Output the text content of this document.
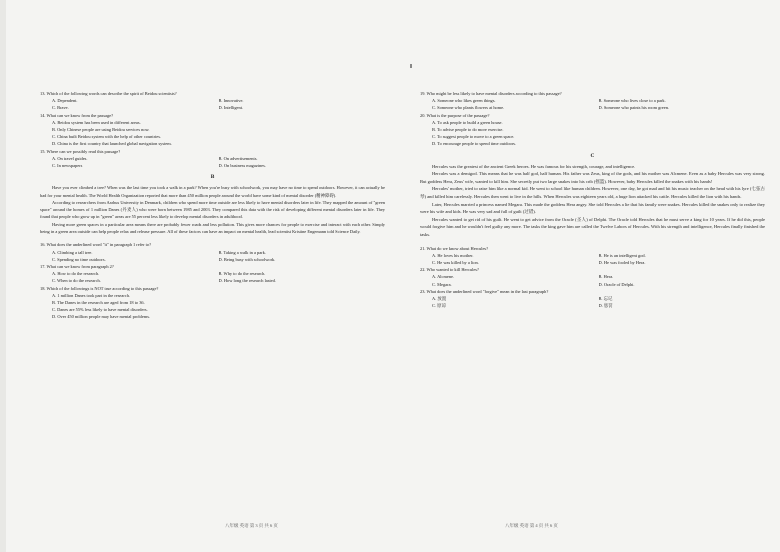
13. Which of the following words can describe the spirit of Beidou scientists?
A. Dependent.	B. Innovative.
C. Brave.	D. Intelligent.
14. What can we know from the passage?
A. Beidou system has been used in different areas.
B. Only Chinese people are using Beidou services now.
C. China built Beidou system with the help of other countries.
D. China is the first country that launched global navigation system.
15. Where can we possibly read this passage?
A. On travel guides.	B. On advertisements.
C. In newspapers	D. On business magazines.
B

Have you ever climbed a tree? When was the last time you took a walk in a park? When you're busy with schoolwork, you may have no time to spend outdoors. However, it can actually be bad for your mental health. The World Health Organization reported that more than 450 million people around the world have some kind of mental disorder (精神障碍).

According to researchers from Aarhus University in Denmark, children who spend more time outside are less likely to have mental disorders later in life. They mapped the amount of "green space" around the homes of 1 million Danes (丹麦人) who were born between 1985 and 2003. They compared this data with the risk of developing different mental disorders later in life. They found that people who grow up in "green" areas are 55 percent less likely to develop mental disorders in adulthood.

Having more green spaces in a particular area means there are probably fewer roads and less pollution. This gives more chances for people to exercise and interact with each other. Simply being in a green area outside can help people relax and release pressure. All of these factors can have an impact on mental health, lead scientist Kristine Engemann told Science Daily.

16. What does the underlined word "it" in paragraph 1 refer to?
A. Climbing a tall tree.	B. Taking a walk in a park.
C. Spending no time outdoors.	D. Being busy with schoolwork.
17. What can we know from paragraph 2?
A. How to do the research.	B. Why to do the research.
C. When to do the research.	D. How long the research lasted.
18. Which of the followings is NOT true according to this passage?
A. 1 million Danes took part in the research.
B. The Danes in the research are aged from 18 to 36.
C. Danes are 55% less likely to have mental disorders.
D. Over 450 million people may have mental problems.
八年级 英语 第 3 页 共 6 页
19. Who might be less likely to have mental disorders according to this passage?
A. Someone who likes green things.	B. Someone who lives close to a park.
C. Someone who plants flowers at home.	D. Someone who paints his room green.
20. What is the purpose of the passage?
A. To ask people to build a green house.
B. To advise people to do more exercise.
C. To suggest people to move to a green space.
D. To encourage people to spend time outdoors.
C

Hercules was the greatest of the ancient Greek heroes. He was famous for his strength, courage, and intelligence.

Hercules was a demigod. This means that he was half god, half human. His father was Zeus, king of the gods, and his mother was Alcmene. Even as a baby Hercules was very strong. But goddess Hera, Zeus' wife, wanted to kill him. She secretly put two large snakes into his crib (摇篮). However, baby Hercules killed the snakes with his hands!

Hercules' mother, tried to raise him like a normal kid. He went to school like human children. However, one day, he got mad and hit his music teacher on the head with his lyre (七弦古琴) and killed him carelessly. Hercules then went to live in the hills. When Hercules was eighteen years old, a huge lion attacked his cattle. Hercules killed the lion with his hands.

Later, Hercules married a princess named Megara. This made the goddess Hera angry. She told Hercules a lie that his family were snakes. Hercules killed the snakes only to realize they were his wife and kids. He was very sad and full of guilt (过错).

Hercules wanted to get rid of his guilt. He went to get advice from the Oracle (圣人) of Delphi. The Oracle told Hercules that he must serve a king for 10 years. If he did this, people would forgive him and he wouldn't feel guilty any more. The tasks the king gave him are called the Twelve Labors of Hercules. With his strength and intelligence, Hercules finally finished the tasks.

21. What do we know about Hercules?
A. He loves his mother.	B. He is an intelligent god.
C. He was killed by a lion.	D. He was fooled by Hera.
22. Who wanted to kill Hercules?
A. Alcmene.	B. Hera.
C. Megara.	D. Oracle of Delphi.
23. What does the underlined word "forgive" mean in the last paragraph?
A. 放置	B. 忘记
C. 原谅	D. 惩罚
八年级 英语 第 4 页 共 6 页
